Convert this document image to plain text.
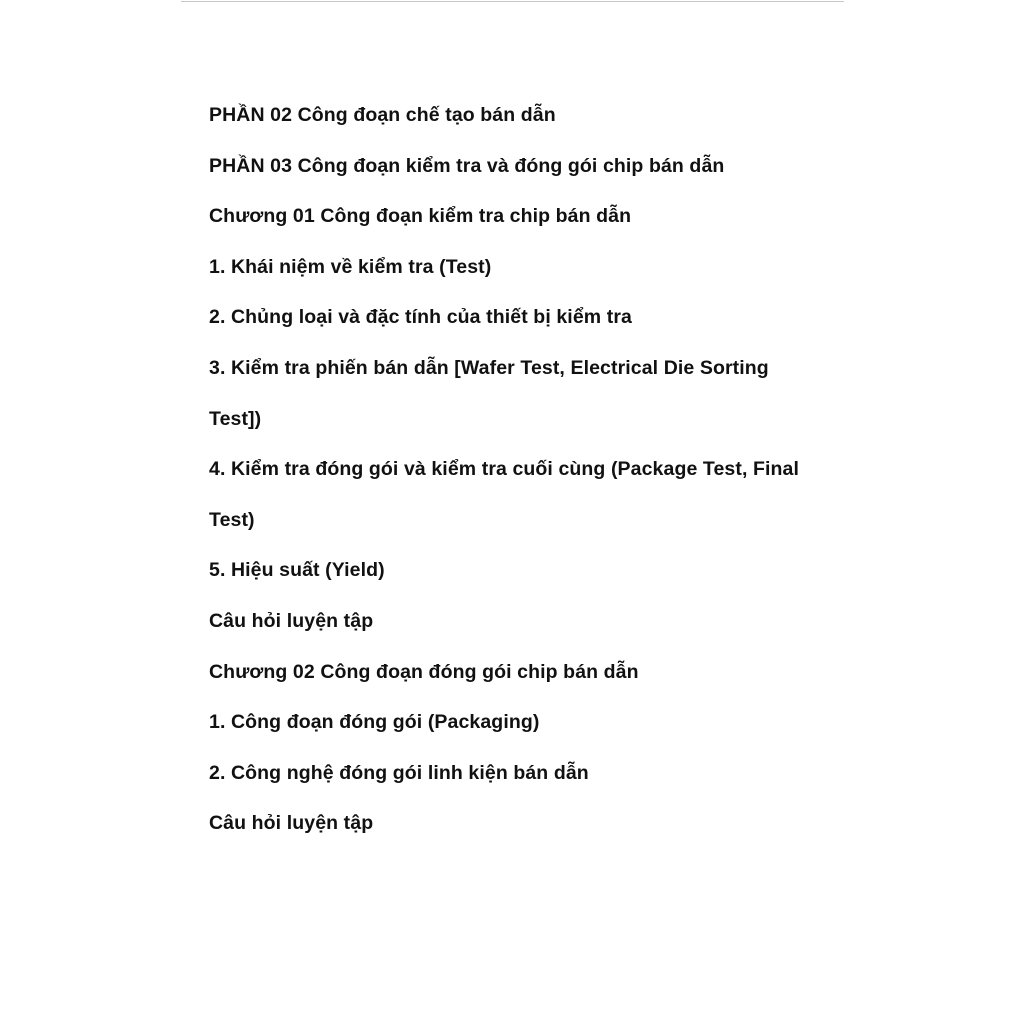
PHẦN 02 Công đoạn chế tạo bán dẫn

PHẦN 03 Công đoạn kiểm tra và đóng gói chip bán dẫn

Chương 01 Công đoạn kiểm tra chip bán dẫn

1. Khái niệm về kiểm tra (Test)

2. Chủng loại và đặc tính của thiết bị kiểm tra

3. Kiểm tra phiến bán dẫn [Wafer Test, Electrical Die Sorting

Test])

4. Kiểm tra đóng gói và kiểm tra cuối cùng (Package Test, Final

Test)

5. Hiệu suất (Yield)

Câu hỏi luyện tập

Chương 02 Công đoạn đóng gói chip bán dẫn

1. Công đoạn đóng gói (Packaging)

2. Công nghệ đóng gói linh kiện bán dẫn

Câu hỏi luyện tập
